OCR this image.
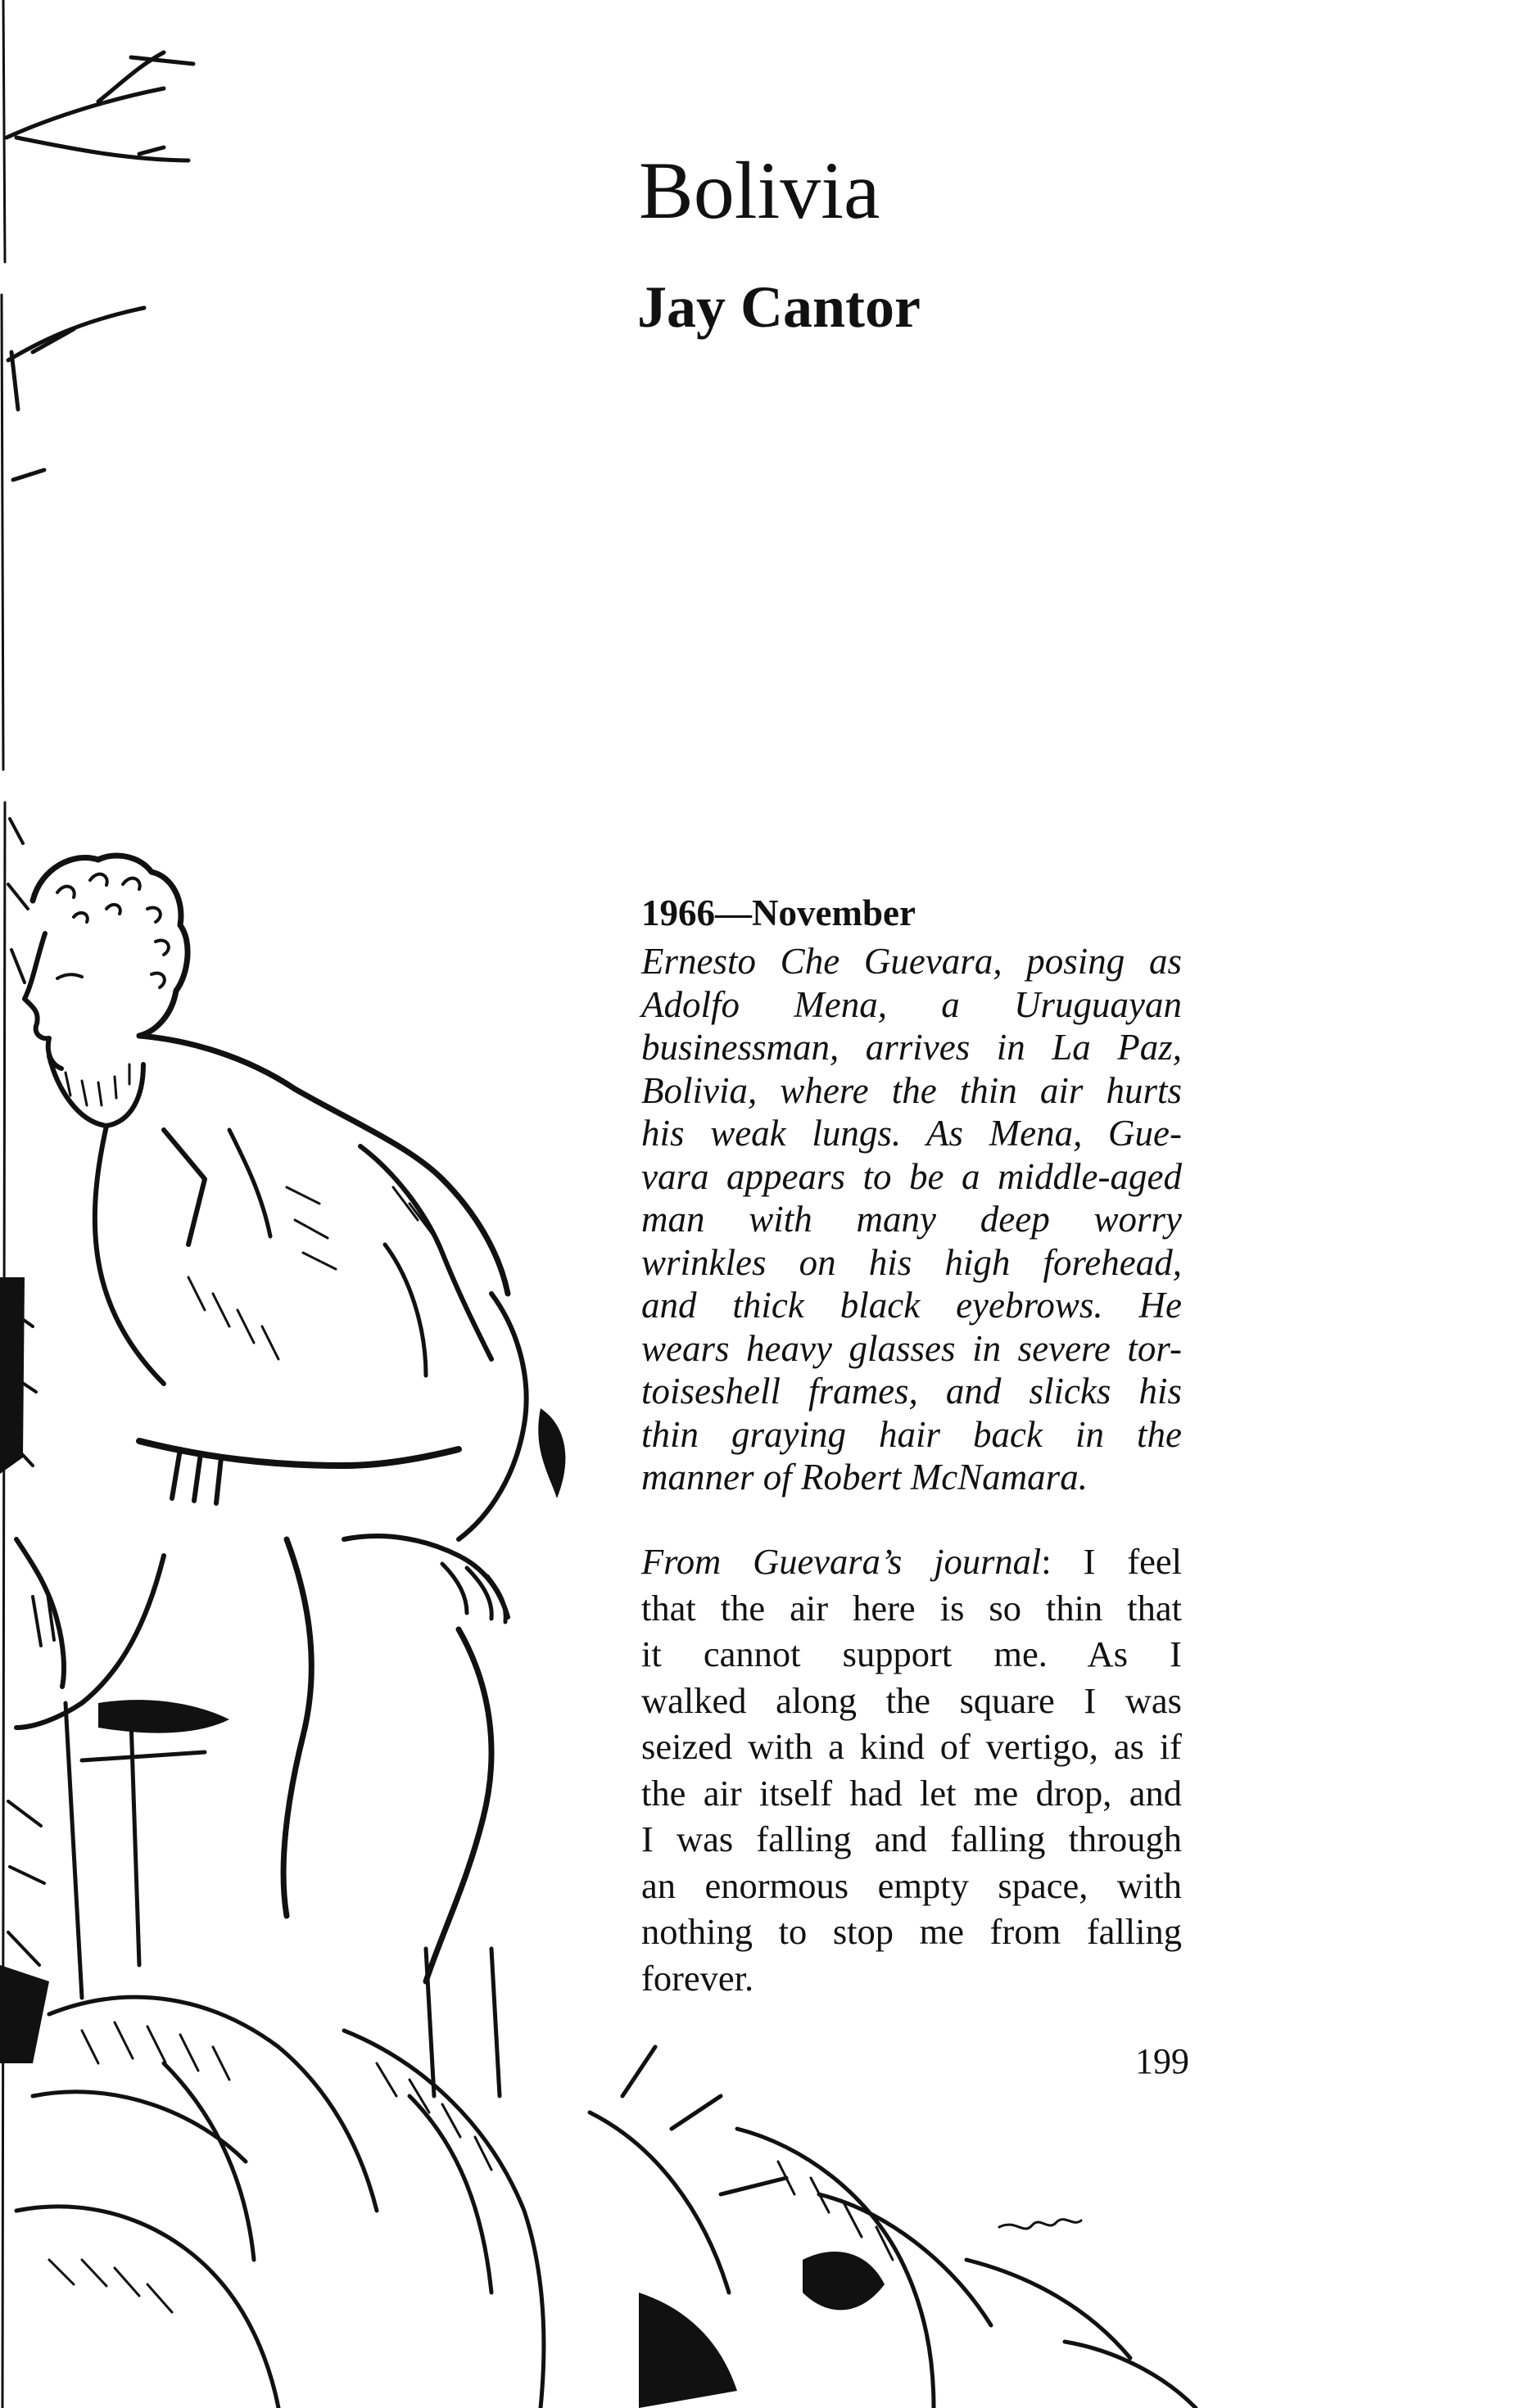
Bolivia
Jay Cantor
1966—November
Ernesto Che Guevara, posing as
Adolfo Mena, a Uruguayan
businessman, arrives in La Paz,
Bolivia, where the thin air hurts
his weak lungs. As Mena, Gue-
vara appears to be a middle-aged
man with many deep worry
wrinkles on his high forehead,
and thick black eyebrows. He
wears heavy glasses in severe tor-
toiseshell frames, and slicks his
thin graying hair back in the
manner of Robert McNamara.
From Guevara’s journal: I feel
that the air here is so thin that
it cannot support me. As I
walked along the square I was
seized with a kind of vertigo, as if
the air itself had let me drop, and
I was falling and falling through
an enormous empty space, with
nothing to stop me from falling
forever.
199
